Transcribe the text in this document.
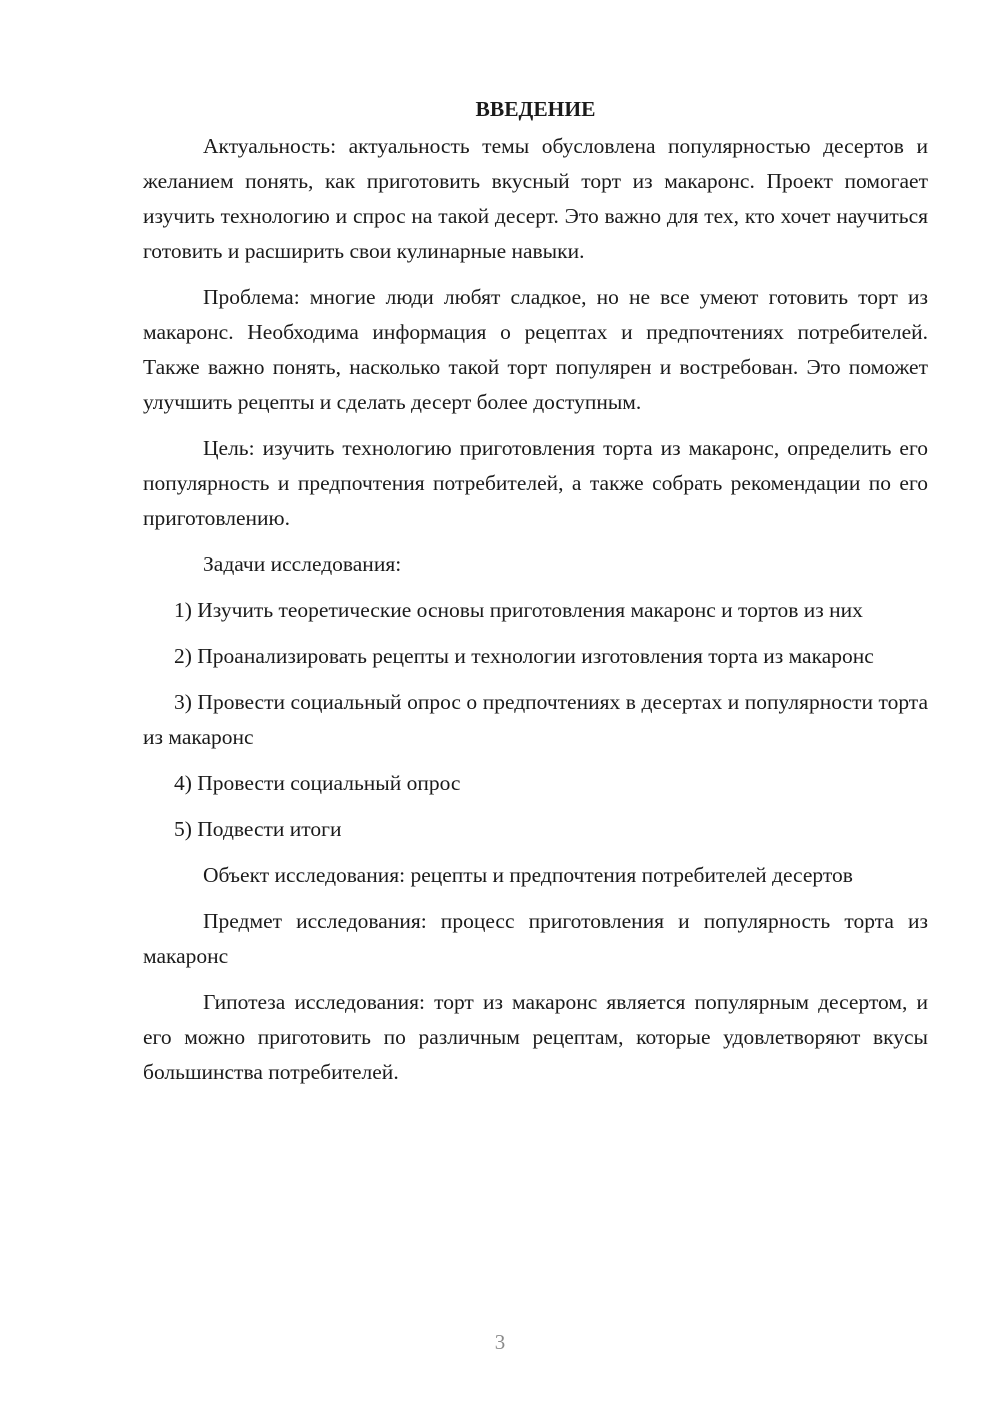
ВВЕДЕНИЕ

Актуальность: актуальность темы обусловлена популярностью десертов и желанием понять, как приготовить вкусный торт из макаронс. Проект помогает изучить технологию и спрос на такой десерт. Это важно для тех, кто хочет научиться готовить и расширить свои кулинарные навыки.

Проблема: многие люди любят сладкое, но не все умеют готовить торт из макаронс. Необходима информация о рецептах и предпочтениях потребителей. Также важно понять, насколько такой торт популярен и востребован. Это поможет улучшить рецепты и сделать десерт более доступным.

Цель: изучить технологию приготовления торта из макаронс, определить его популярность и предпочтения потребителей, а также собрать рекомендации по его приготовлению.

Задачи исследования:

1) Изучить теоретические основы приготовления макаронс и тортов из них

2) Проанализировать рецепты и технологии изготовления торта из макаронс

3) Провести социальный опрос о предпочтениях в десертах и популярности торта из макаронс

4) Провести социальный опрос

5) Подвести итоги

Объект исследования: рецепты и предпочтения потребителей десертов

Предмет исследования: процесс приготовления и популярность торта из макаронс

Гипотеза исследования: торт из макаронс является популярным десертом, и его можно приготовить по различным рецептам, которые удовлетворяют вкусы большинства потребителей.

3
